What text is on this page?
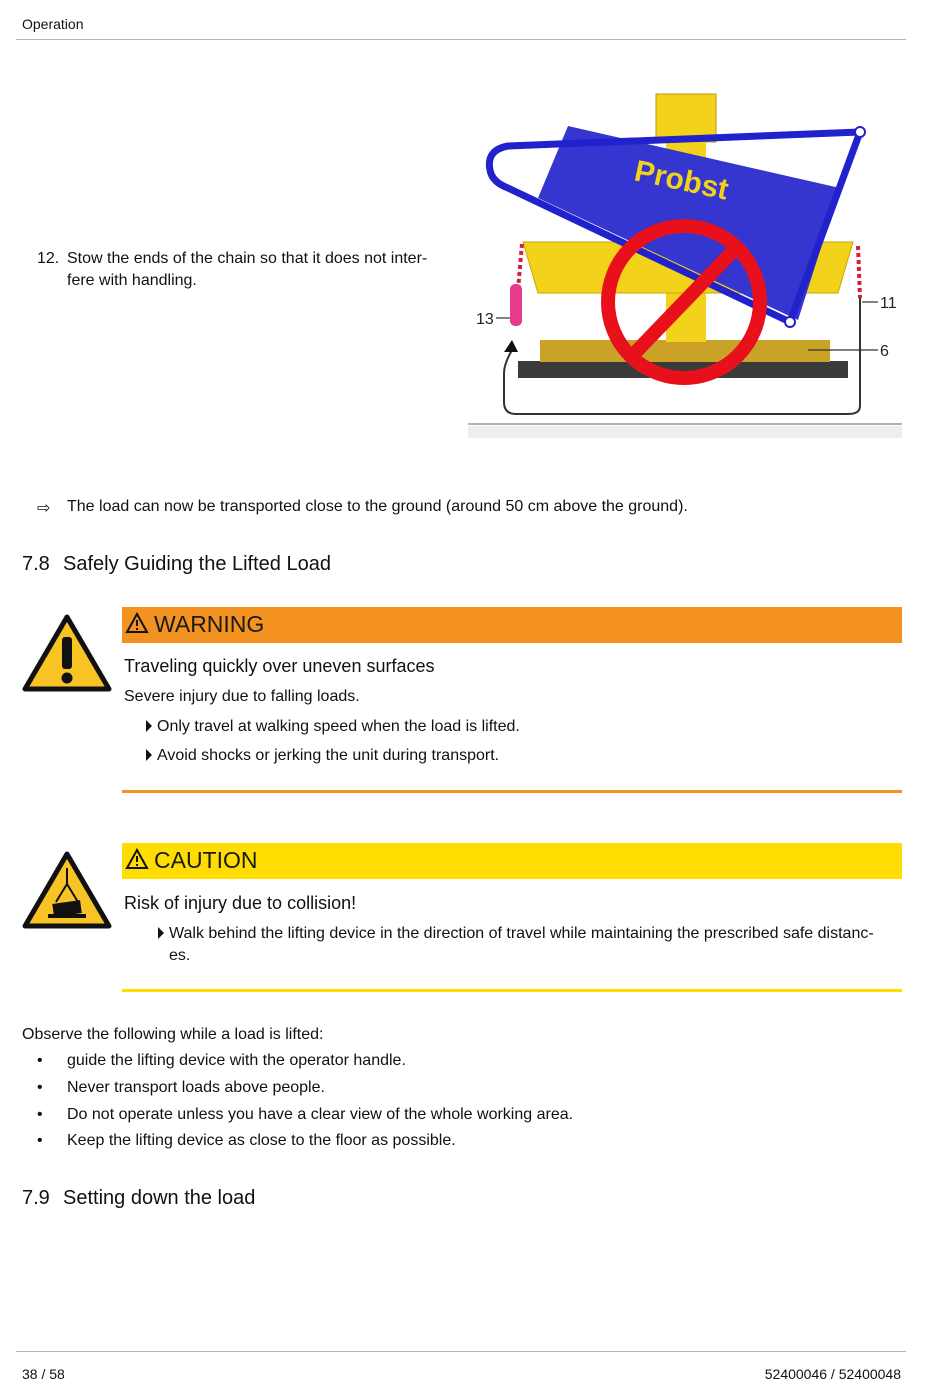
Operation
12. Stow the ends of the chain so that it does not inter-fere with handling.
Probst
13
11
6
⇨ The load can now be transported close to the ground (around 50 cm above the ground).
7.8 Safely Guiding the Lifted Load
WARNING
Traveling quickly over uneven surfaces
Severe injury due to falling loads.
Only travel at walking speed when the load is lifted.
Avoid shocks or jerking the unit during transport.
CAUTION
Risk of injury due to collision!
Walk behind the lifting device in the direction of travel while maintaining the prescribed safe distanc-
es.
Observe the following while a load is lifted:
• guide the lifting device with the operator handle.
• Never transport loads above people.
• Do not operate unless you have a clear view of the whole working area.
• Keep the lifting device as close to the floor as possible.
7.9 Setting down the load
38 / 58	52400046 / 52400048
